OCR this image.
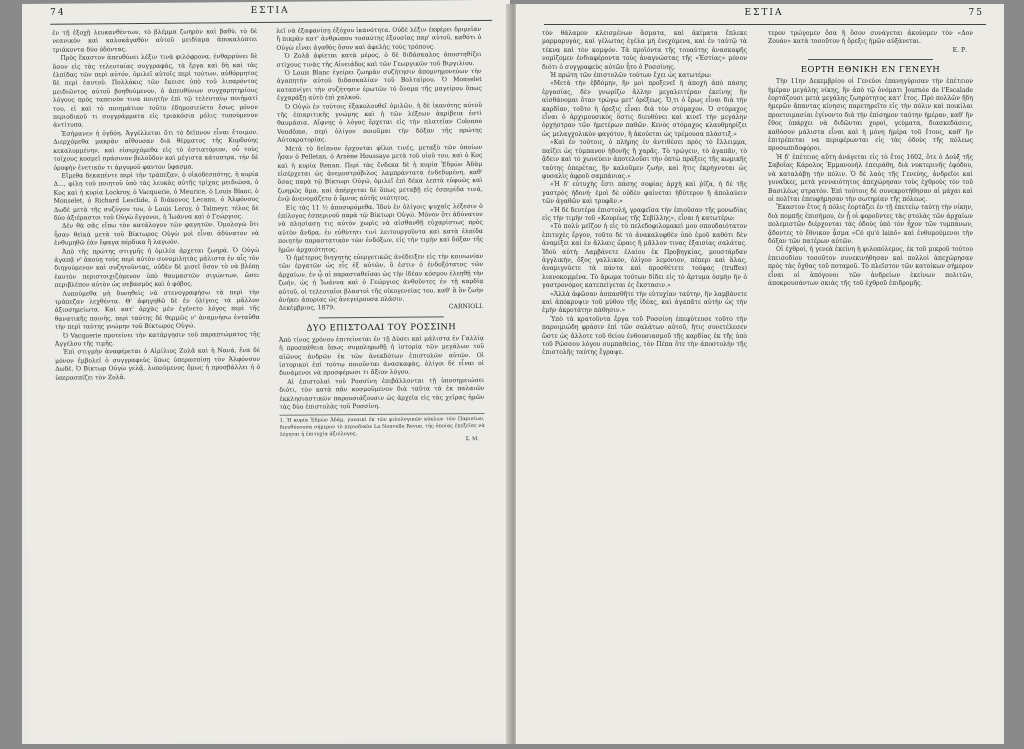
74	ΕΣΤΙΑ

ἐν τῇ ἐξοχῇ λευκανθέντων, τὸ βλέμμα ζωηρὸν καὶ βαθύ, τὸ δὲ νεανικὸν καὶ καλοκἀγαθὸν αὐτοῦ μειδίαμα ἀποκαλύπτει τριάκοντα δύο ὀδόντας.

Πρὸς ἕκαστον ἀπευθύνει λέξιν τινὰ φιλόφρονα, ἐνθαρρύνει δὲ ὅσον εἰς τὰς τελευταίας συγγραφάς, τὰ ἔργα καὶ δὴ καὶ τὰς ἐλπίδας τῶν περὶ αὐτόν, ὁμιλεῖ αὐτοῖς περὶ τούτων, αὐθόρμητος δὲ περὶ ἑαυτοῦ. Πολλάκις τῶν ἔκεισε ὑπὸ τοῦ λιπαρόντος μειδιῶντος αὐτοῦ βοηθούμενον, ὁ ἀπευθύνων συγχαρητηρίους λόγους πρὸς ταπεινὸν τινα ποιητὴν ἐπὶ τῷ τελευταίῳ ποιήματί του, εἰ καὶ τὸ ποιημάτιον τοῦτο ἐδημοσιεύετο ἔσως μόνον περιοδικοῦ τι συγγράμματα εἰς τριακόσια μόλις τυπούμενον ἀντίτυπα.

Ἐσήμανεν ἡ ὀγδόη. Ἀγγέλλεται ὅτι τὸ δεῖπνον εἶναι ἕτοιμον. Διερχόμεθα μακρὰν αἴθουσαν διὰ θέρματος τῆς Κορδούης κεκαλυμμένην, καὶ εἰσερχόμεθα εἰς τὸ ἑστιατόριον, οὗ τοὺς τοίχους κοσμεῖ πράσινον βελοῦδον καὶ μέγιστα κάτοπτρα, τὴν δὲ ὀροφὴν ἐνετικὸν τι ἀργυροῦ φαντον ὕφασμα.

Εἴμεθα δεκαπέντε περὶ τὴν τράπεζαν, ὁ οἰκοδεσπότης, ἡ κυρία Δ..., φίλη τοῦ ποιητοῦ ὑπὸ τὰς λευκὰς αὐτῆς τρίχας μειδιῶσα, ὁ Κος καὶ ἡ κυρία Lockroy, ὁ Vacquerie, ὁ Meurice, ὁ Louis Blanc, ὁ Monselet, ὁ Richard Lesclide, ὁ διάκονος Lecanu, ὁ Ἀλφόνσος Δωδὲ μετὰ τῆς συζύγου του, ὁ Louis Leroy, ὁ Talmeyr, τέλος δὲ δύο ἀξιέραστοι τοῦ Οὐγὼ ἔγγονοι, ἡ Ἰωάννα καὶ ὁ Γεώργιος.

Δὲν θὰ σᾶς εἴπω τὸν κατάλογον τῶν φαγητῶν. Ὁμολογῶ ὅτι ἦσαν θεϊκὰ μετὰ τοῦ Βίκτωρος Οὐγὼ μοὶ εἶναι ἀδύνατον νὰ ἐνθυμηθῶ ἐὰν ἔφαγα πέρδικα ἢ λαγωόν.

Ἀπὸ τῆς πρώτης στιγμῆς ἡ ὁμιλία ἀρχεται ζωηρά. Ὁ Οὐγὼ ἀγαπᾷ ν' ἀκούῃ τοὺς περὶ αὐτὸν συνομιλητὰς μάλιστα ἐν αἷς τὸν διηγούμενον καὶ συζητοῦντας, οὐδὲν δὲ μισεῖ ὅσον τὸ νὰ βλέπῃ ἑαυτὸν περιστοιχιζόμενον ὑπὸ θαυμαστῶν σιγώντων, ὥσει περιβλέπον αὐτὸν ὡς σεβασμὸς καὶ ὁ φόβος.

Λυπούμεθα μὴ δυνηθεὶς νὰ στενογραφήσω τὰ περὶ τὴν τράπεζαν λεχθέντα. Θ' ἀφηγηθῶ δὲ ἐν ὀλίγοις τὰ μᾶλλον ἀξιοσημείωτα. Καὶ κατ' ἀρχὰς μὲν ἐγένετο λόγος περὶ τῆς θανατικῆς ποινῆς, περὶ ταύτης δὲ θερμῶς ν' ἀναμνήσω ἐνταῦθα τὴν περὶ ταύτης γνώμην τοῦ Βίκτωρος Οὐγώ.

Ὁ Vacquerie προτείνει τὴν κατάργησιν τοῦ παραπτώματος τῆς Ἀγγέλου τῆς τιμῆς.

Ἐπὶ στιγμὴν ἀναφέρεται ὁ Αἰμίλιος Ζολᾶ καὶ ἡ Νανά, ἔνα δὲ μόνον ἐμβολεῖ ὁ συγγραφεὺς ὅπως ὑπερασπίσῃ τὸν Ἀλφόνσον Δωδέ. Ὁ Βίκτωρ Οὐγὼ γελᾷ, λυπούμενος ὅμως ἡ προσβάλλει ἡ ὁ ὑπερασπίζει τὸν Ζολᾶ.

λεῖ νὰ ἐξαφανίσῃ ἐξόχου ἱκανότητα. Οὐδὲ λέξιν ἐκφέρει δριμεῖαν ἢ πικρὰν κατ' ἀνθρώπου τοσαύτης ἐξουσίας παρ' αὐτοῦ, καθότι ὁ Οὐγὼ εἶναι ἀγαθὸς ὅσον καὶ ἀφελὴς τοὺς τρόπους.

Ὁ Ζολᾶ ἀφίεται κατὰ μέρος, ὁ δὲ διδάσκαλος ἀποστηθίζει στίχους τινὰς τῆς Αἰνειάδος καὶ τῶν Γεωργικῶν τοῦ Βιργιλίου.

Ὁ Louis Blanc ἐγείρει ζωηρὰν συζήτησιν ἀπομνημονεύων τὴν ἀγαπητὴν αὐτοῦ διδασκαλίαν τοῦ Βολταίρου. Ὁ Monselet καταπνίγει τὴν συζήτησιν ἐρωτῶν τὸ ὄνομα τῆς μαγείρου ὅπως ἐγχαράξῃ αὐτὸ ἐπὶ χαλκοῦ.

Ὁ Οὐγὼ ἐν τούτοις ἐξακολουθεῖ ὀμιλῶν, ἡ δὲ ἱκανότης αὐτοῦ τῆς ἐπικριτικῆς γνώμης καὶ ἡ τῶν λέξεων ἀκρίβεια ἐστὶ θαυμάσια. Αἴφνης ὁ λόγος ἔρχεται εἰς τὴν πλατεῖαν Colonne Vendôme, περὶ ὀλίγον ποιοῦμαι τὴν δόξαν τῆς πρώτης Αὐτοκρατορίας.

Μετὰ τὸ δεῖπνον ἔρχονται φίλοι τινές, μεταξὺ τῶν ὁποίων ἦσαν ὁ Pelletan, ὁ Arsène Houssaye μετὰ τοῦ υἱοῦ του, καὶ ὁ Κος καὶ ἡ κυρία Renan. Περὶ τὰς ἕνδεκα δὲ ἡ κυρία Ἐδμὼν Ἀδὰμ εἰσέρχεται ὡς ἀνεμοστρόβιλος λαμπράντατα ἐνδεδυμένη, καθ' ὅσας παρὰ τῷ Βίκτωρι Οὐγώ, ὁμιλεῖ ἐπὶ δέκα λεπτὰ εὐφυῶς καὶ ζωηρῶς ἅμα, καὶ ἀπέρχεται δὲ ὅπως μεταβῇ εἰς ἑσπερίδα τινά, ἐνῷ ἀνενομάζετο ὁ ὕμνος αὐτῆς νεότητος.

Εἰς τὰς 11 ½ ἀποσυρόμεθα. Ἰδοὺ ἐν ὀλίγοις ψυχαῖς λέξεσιν ὁ ἐπίλογος ἑσπερινοῦ παρὰ τῷ Βίκτωρι Οὐγώ. Μόνον ὅτι ἀδύνατον νὰ πλησίασῃ τις αὐτὸν χωρὶς νὰ αἰσθανθῇ εὐχαρίστως πρὸς αὐτὸν ἄνδρα, ἐν εὐθύτητι τινὶ λειτουργοῦντα καὶ κατὰ ἐλπίδα ποιητὴν παραστατικὸν τῶν ἐνδόξων, εἰς τὴν τιμὴν καὶ δόξαν τῆς ἡμῶν ἀρχαιότητος.

Ὁ ἡμέτερος διηγητὴς εὐεργετικῶς ἀνέδειξεν εἰς τὴν κοινωνίαν τῶν ἐργατῶν ὡς εἷς ἐξ αὐτῶν, ὃ ἐστιν ὁ ἐνδοξότατος τῶν ἀρχαίων, ἐν ᾧ αἱ παρασταθεῖσαι ὡς τὴν ἰδέαν κόσμου ἐλεηθῇ τὴν ζωήν, ὡς ἡ Ἰωάννα καὶ ὁ Γεώργιος ἀνθοῦντες ἐν τῇ καρδίᾳ αὐτοῦ, οἱ τελευταῖοι βλαστοὶ τῆς οἰκογενείας του, καθ' ἃ ὃν ζωὴν ἀνήκει ἀπορίας ὡς ἀνεγείρουσα πλάσιν.

Δεκέμβριος, 1879.	CARNIOLI.
ΔΥΟ ΕΠΙΣΤΟΛΑΙ ΤΟΥ ΡΟΣΣΙΝΗ

Ἀπὸ τίνος χρόνου ἐπιτείνεται ἐν τῇ Δύσει καὶ μάλιστα ἐν Γαλλίᾳ ἡ προσπάθεια ὅπως συμπληρωθῇ ἡ ἱστορία τῶν μεγάλων τοῦ αἰῶνος ἀνδρῶν ἐκ τῶν ἀνεκδότων ἐπιστολῶν αὐτῶν. Οἱ ἱστορικοὶ ἐπὶ τούτῳ ποιοῦνται ἀνασκαφὰς, ὀλίγοι δὲ εἶναι οἱ δυνάμενοι νὰ προσφέρωσι τι ἄξιον λόγου.

Αἱ ἐπιστολαὶ τοῦ Ροσσίνη ἐπιβάλλονται τῇ ὑποσημειώσει διότι, τὸν κατὰ πᾶν κοσμοῦμενον διὰ ταῦτα τὰ ἐκ παλαιῶν ἐκκλησιαστικῶν παρουσιάζουσιν ὡς ἀρχεῖα εἰς τὰς χεῖρας ἡμῶν τὰς δύο ἐπιστολὰς τοῦ Ροσσίνη.

1. Ἡ κυρία Ἐδμὼν Ἀδάμ, γυναικὶ ἐκ τῶν φιλολογικῶν κύκλων τῶν Παρισίων, διευθύνουσα σήμερον τὸ περιοδικὸν La Nouvelle Revue, τῆς ὁποίας ἐπεξεῖσε νὰ λέγηται ἡ ἐπιτυχία ἀξιόλογος.
Σ. Μ.
ΕΣΤΙΑ	75

τὸν θάλαμον κλεισμένων ἄσματα, καὶ ἀκίματα ἔπλεκε μαρμαρυγάς, καὶ γέλωτας ἐγέλα μὴ ἐνεχόμενα, καὶ ἐν ταὐτῷ τὰ τέκνα καὶ τὸν κομψόν. Τὰ προϊόντα τῆς τουαύτης ἀνασκαφῆς νομίζομεν ἐνδιαφέροντα τοὺς ἀναγνώστας τῆς «Ἑστίας» μόνον διότι ὁ συγγραφεὺς αὐτῶν ἦτο ὁ Ροσσίνης.

Ἡ πρώτη τῶν ἐπιστολῶν τούτων ἔχει ὡς κατωτέρω:

«Μετὰ τὴν ἑβδόμην, ἣν μοὶ προξενεῖ ἡ ἀποχὴ ἀπὸ πάσης ἐργασίας, δὲν γνωρίζω ἄλλην μεγαλειτέραν ἐκείνης ἣν αἰσθάνομαι ὅταν τρώγω μετ' ὀρέξεως. Ὅ,τι ὁ ἔρως εἶναι διὰ τὴν καρδίαν, τοῦτο ἡ ὄρεξις εἶναι διὰ τὸν στόμαχον. Ὁ στόμαχος εἶναι ὁ ἀρχιμουσικὸς ὅστις διευθύνει καὶ κινεῖ τὴν μεγάλην ὀρχήστραν τῶν ἡμετέρων παθῶν. Κενὸς στόμαχος κλαυθμηρίζει ὡς μελαγχολικὸν φαγότον, ἢ ἀκούεται ὡς τρέμουσα πλάστιξ.»

«Καὶ ἐν τούτοις, ὁ πλήρης ἐν ἀντιθέσει πρὸς τὸ ἔλλειμμα, παίζει ὡς τύμπανον ἡδονῆς ἢ χαρᾶς. Τὸ τρώγειν, τὸ ἀγαπᾶν, τὸ ᾄδειν καὶ τὸ χωνεύειν ἀποτελοῦσι τὴν ὀπτὼ πράξεις τῆς κωμικῆς ταύτης ὀπερέτας, ἣν καλοῦμεν ζωήν, καὶ ἥτις ἐκρήγνυται ὡς φυσαλὶς ἀφροῦ σαμπάνιας.»

«Ἡ δ' εὐτυχὴς ἔστι πάσης σοφίας ἀρχὴ καὶ ῥίζα, ἡ δὲ τῆς γαστρὸς ἡδονή· ἐμοὶ δὲ οὐδὲν φαίνεται ἡδύτερον ἢ ἀπολαύειν τῶν ἀγαθῶν καὶ τρυφᾶν.»

«Ἡ δὲ δευτέρα ἐπιστολή, γραφεῖσα τὴν ἐπιοῦσαν τῆς μονωδίας εἰς τὴν τιμὴν τοῦ «Κουρέως τῆς Σεβίλλης», εἶναι ἡ κατωτέρω:

«Τὸ πολὺ μεῖζον ἡ εἰς τὸ πελεδοφιλομακεὶ μου σπουδαιότατον ἐπιτυχὲς ἔργον, τοῦτο δὲ τὸ ἀνακαλυφθὲν ὑπὸ ἐμοῦ καθότι δὲν ἀναμίξει καὶ ἐν ἄλλαις ὥραις ἢ μᾶλλον τινας ἐξαισίας σαλάτας. Ἰδοὺ αὐτή: Λαμβάνετε ἐλαίου ἐκ Προβηγκίας, μουστάρδαν ἀγγλικήν, ὄξος γαλλικόν, ὀλίγον λεμόνιον, πέπερι καὶ ἅλας, ἀναμιγνύετε τὰ πάντα καὶ προσθέτετε τούφας (truffes) λιανοκομμένα. Τὸ ἄρωμα τούτων δίδει εἰς τὸ ἄρτυμα ὀσμὴν ἣν ὁ γαστρονόμος κατεπείγεται ἐς ἔκστασιν.»

«Ἀλλὰ ἀφῶσαν ἀσπασθῆτε τὴν εὐτυχίαν ταύτην, ἣν λαμβάνετε καὶ ἀπόκρυψιν τοῦ μύθου τῆς ἰδέας, καὶ ἀγαπᾶτε αὐτὴν ὡς τὴν ἐμὴν ἀκροτάτην πάθησιν.»

Ὑπὸ τὰ κρατοῦντα ἔργα τοῦ Ροσσίνη ἐπεφύτευσε τοῦτο τὴν παροιμιώδη φράσιν ἐπὶ τῶν σαλάτων αὐτοῦ, ἥτις συνετέλεσεν ὥστε ὡς ἄλλοτε τοῦ θείου ἐνθουσιασμοῦ τῆς καρδίας ἐκ τῆς ὑπὸ τοῦ Ρώσσου λόγου συμπαθείας, τὸν Πέπα ὅτε τὴν ἀποστολὴν τῆς ἐπιστολῆς ταύτης ἔγραψε.

τερον τρώγομεν ὅσα ἢ ὅσον συνάγεται ἀκούομεν τὸν «Δον Ζουάν» κατὰ τοσοῦτον ἡ ὄρεξις ἡμῶν αὐξάνεται.

Ε. Ρ.
ΕΟΡΤΗ ΕΘΝΙΚΗ ΕΝ ΓΕΝΕΥΗ

Τὴν 11ην Δεκεμβρίου οἱ Γενεύοι ἐπανηγύρισαν τὴν ἐπέτειον ἡμέραν μεγάλης νίκης, ἣν ἀπὸ τῷ ὀνόματι Journée de l'Escalade ἑορτάζουσι μετὰ μεγάλης ζωηρότητος κατ' ἔτος. Πρὸ πολλῶν ἤδη ἡμερῶν ἄπαντας κίνησις παρετηρεῖτο εἰς τὴν πόλιν καὶ ποικίλαι προετοιμασίαι ἐγίνοντο διὰ τὴν ἐπίσημον ταύτην ἡμέραν, καθ' ἣν ἔθος ὑπάρχει νὰ διδῶνται χοροί, γεύματα, διασκεδάσεις, καθόσον μάλιστα εἶναι καὶ ἡ μόνη ἡμέρα τοῦ ἔτους, καθ' ἣν ἐπιτρέπεται να περιφέρωνται εἰς τὰς ὁδοὺς τῆς πόλεως προσωπιδοφόροι.

Ἡ δ' ἐπέτειος αὕτη ἀνάγεται εἰς τὸ ἔτος 1602, ὅτε ὁ Δοὺξ τῆς Σαβοΐας Κάρολος Ἐμμανουὴλ ἐπειράθη, διὰ νυκτερινῆς ἐφόδου, νὰ καταλάβῃ τὴν πόλιν. Ὁ δὲ λαὸς τῆς Γενεύης, ἀνδρεῖοι καὶ γυναῖκες, μετὰ γενναιότητος ἀπεχώρησαν τοὺς ἐχθροὺς τὸν τοῦ Βασιλέως στρατόν. Ἐπὶ τούτοις δὲ συνεκροτήθησαν αἱ μάχαι καὶ οἱ πολῖται ἐπευφήμησαν τὴν σωτηρίαν τῆς πόλεως.

Ἔκαστον ἔτος ἡ πόλις ἑορτάζει ἐν τῇ ἐπετείῳ ταύτῃ τὴν νίκην, διὰ πομπῆς ἐπισήμου, ἐν ᾗ οἱ φοροῦντες τὰς στολὰς τῶν ἀρχαίων πολεμιστῶν διέρχονται τὰς ὁδοὺς ὑπὸ τὸν ἦχον τῶν τυμπάνων, ᾄδοντες τὸ ἔθνικον ᾆσμα «Cé qu'è lainô» καὶ ἐνθυμούμενοι τὴν δόξαν τῶν πατέρων αὐτῶν.

Οἱ ἐχθροί, ἡ γενεὰ ἐκείνη ἡ φιλοπόλεμος, ἐκ τοῦ μικροῦ τούτου ἐπεισοδίου τοσοῦτον συνεκινήθησαν καὶ πολλοὶ ἀπεχώρησαν πρὸς τὰς ὄχθας τοῦ ποταμοῦ. Τὸ πλεῖστον τῶν κατοίκων σήμερον εἶναι οἱ ἀπόγονοι τῶν ἀνδρείων ἐκείνων πολιτῶν, ἀποκρουσάντων σκιὰς τῆς τοῦ ἐχθροῦ ἐπιδρομῆς.
